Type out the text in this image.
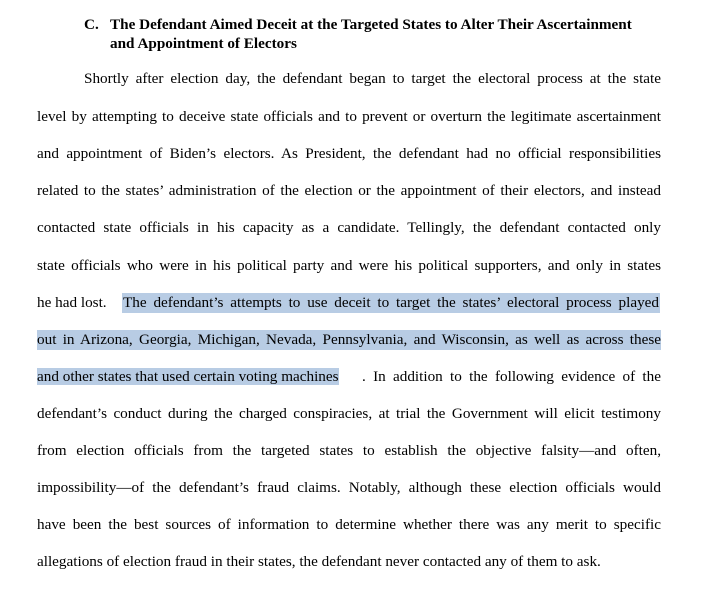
C. The Defendant Aimed Deceit at the Targeted States to Alter Their Ascertainment
and Appointment of Electors
Shortly after election day, the defendant began to target the electoral process at the state
level by attempting to deceive state officials and to prevent or overturn the legitimate ascertainment
and appointment of Biden’s electors. As President, the defendant had no official responsibilities
related to the states’ administration of the election or the appointment of their electors, and instead
contacted state officials in his capacity as a candidate. Tellingly, the defendant contacted only
state officials who were in his political party and were his political supporters, and only in states
he had lost. The defendant’s attempts to use deceit to target the states’ electoral process played
out in Arizona, Georgia, Michigan, Nevada, Pennsylvania, and Wisconsin, as well as across these
and other states that used certain voting machines . In addition to the following evidence of the
defendant’s conduct during the charged conspiracies, at trial the Government will elicit testimony
from election officials from the targeted states to establish the objective falsity—and often,
impossibility—of the defendant’s fraud claims. Notably, although these election officials would
have been the best sources of information to determine whether there was any merit to specific
allegations of election fraud in their states, the defendant never contacted any of them to ask.
